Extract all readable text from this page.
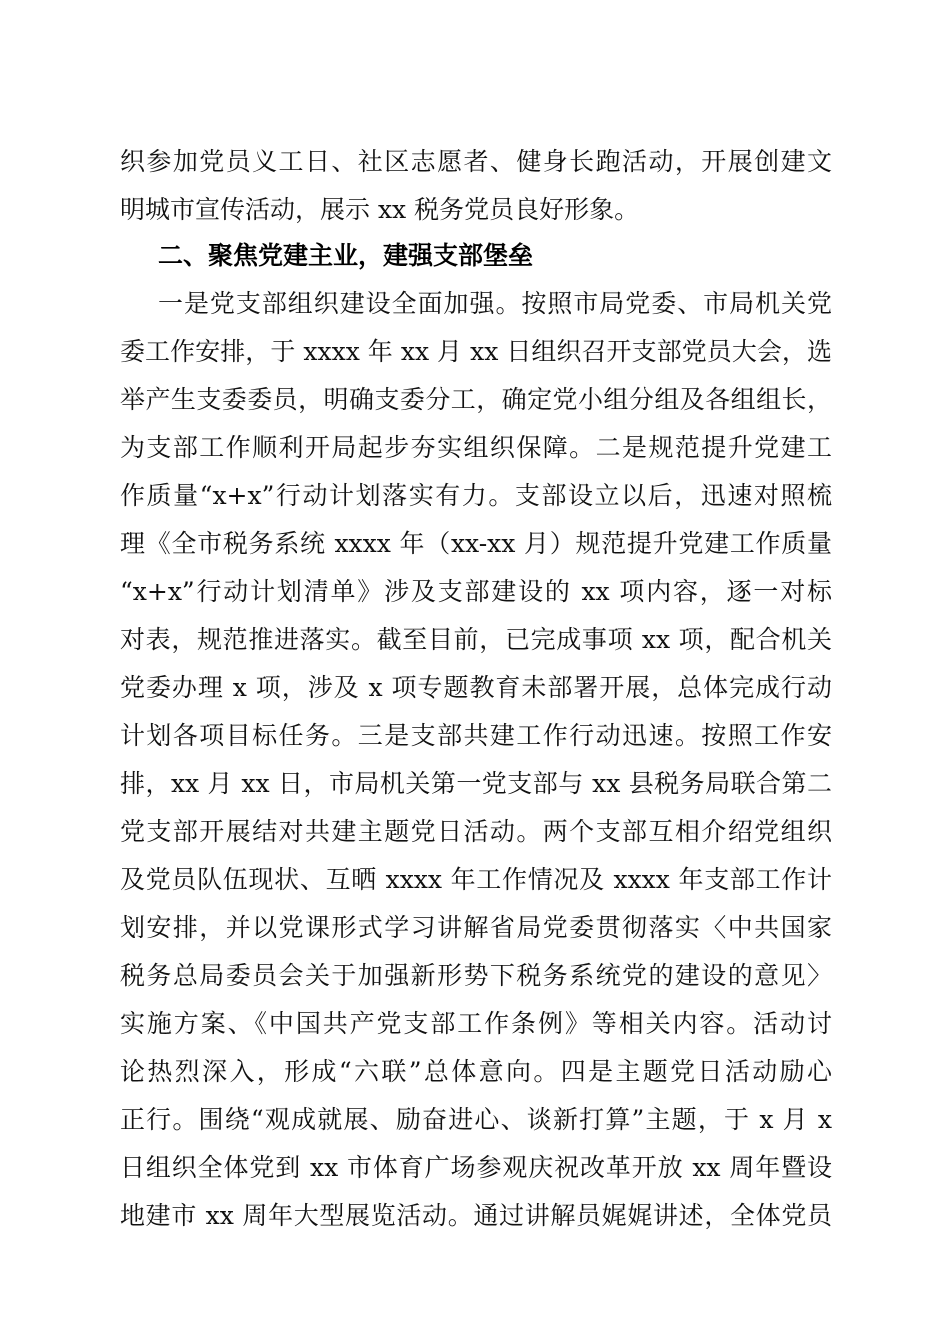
织参加党员义工日、社区志愿者、健身长跑活动，开展创建文
明城市宣传活动，展示 xx 税务党员良好形象。
二、聚焦党建主业，建强支部堡垒
一是党支部组织建设全面加强。按照市局党委、市局机关党
委工作安排，于 xxxx 年 xx 月 xx 日组织召开支部党员大会，选
举产生支委委员，明确支委分工，确定党小组分组及各组组长，
为支部工作顺利开局起步夯实组织保障。二是规范提升党建工
作质量“x+x”行动计划落实有力。支部设立以后，迅速对照梳
理《全市税务系统 xxxx 年（xx-xx 月）规范提升党建工作质量
“x+x”行动计划清单》涉及支部建设的 xx 项内容，逐一对标
对表，规范推进落实。截至目前，已完成事项 xx 项，配合机关
党委办理 x 项，涉及 x 项专题教育未部署开展，总体完成行动
计划各项目标任务。三是支部共建工作行动迅速。按照工作安
排，xx 月 xx 日，市局机关第一党支部与 xx 县税务局联合第二
党支部开展结对共建主题党日活动。两个支部互相介绍党组织
及党员队伍现状、互晒 xxxx 年工作情况及 xxxx 年支部工作计
划安排，并以党课形式学习讲解省局党委贯彻落实〈中共国家
税务总局委员会关于加强新形势下税务系统党的建设的意见〉
实施方案、《中国共产党支部工作条例》等相关内容。活动讨
论热烈深入，形成“六联”总体意向。四是主题党日活动励心
正行。围绕“观成就展、励奋进心、谈新打算”主题，于 x 月 x
日组织全体党到 xx 市体育广场参观庆祝改革开放 xx 周年暨设
地建市 xx 周年大型展览活动。通过讲解员娓娓讲述，全体党员
